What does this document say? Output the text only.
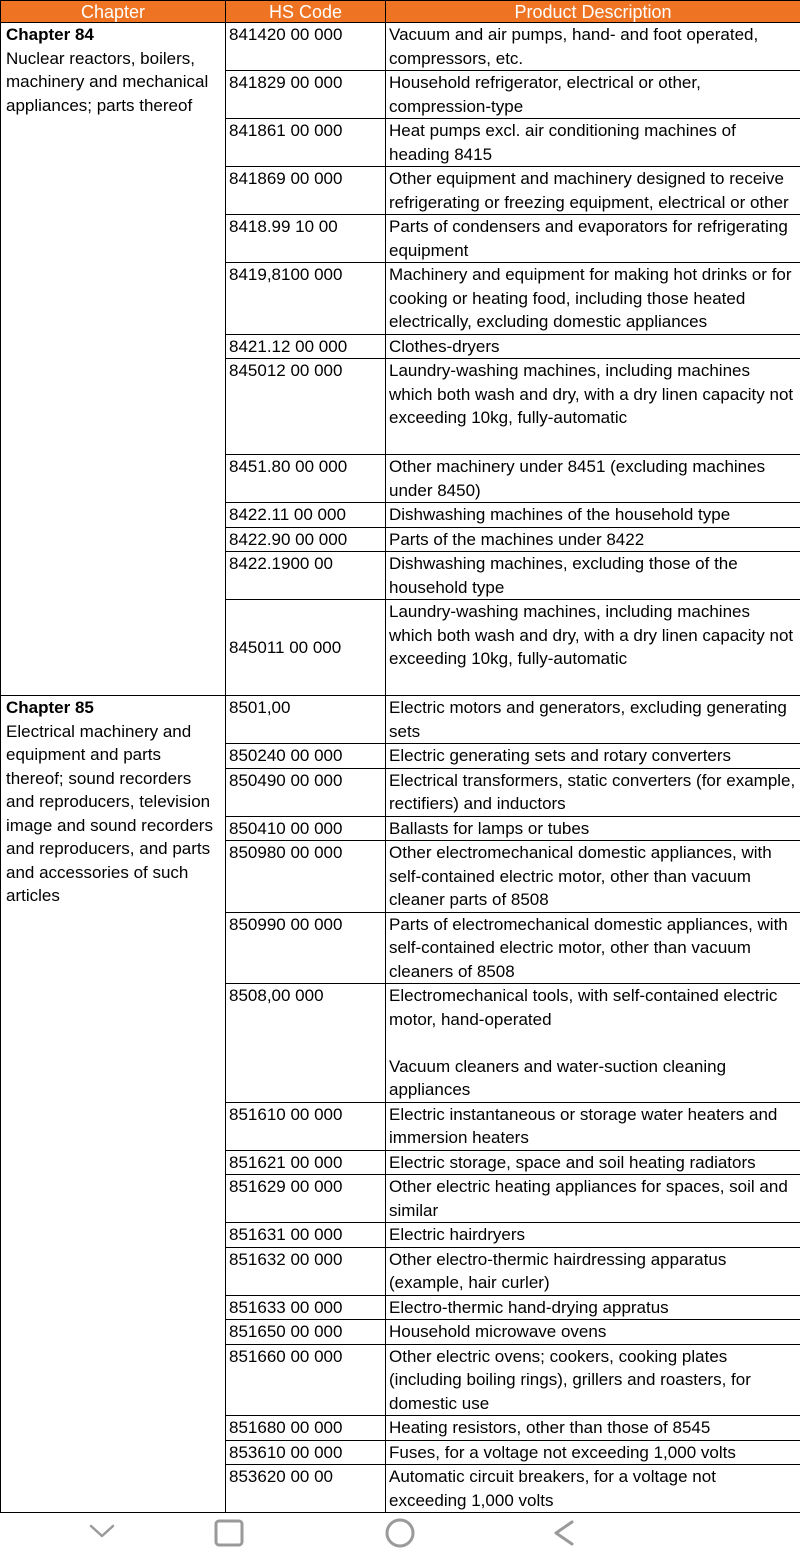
Chapter	HS Code	Product Description
Chapter 84
Nuclear reactors, boilers, machinery and mechanical appliances; parts thereof	841420 00 000	Vacuum and air pumps, hand- and foot operated, compressors, etc.
	841829 00 000	Household refrigerator, electrical or other, compression-type
	841861 00 000	Heat pumps excl. air conditioning machines of heading 8415
	841869 00 000	Other equipment and machinery designed to receive refrigerating or freezing equipment, electrical or other
	8418.99 10 00	Parts of condensers and evaporators for refrigerating equipment
	8419,8100 000	Machinery and equipment for making hot drinks or for cooking or heating food, including those heated electrically, excluding domestic appliances
	8421.12 00 000	Clothes-dryers
	845012 00 000	Laundry-washing machines, including machines which both wash and dry, with a dry linen capacity not exceeding 10kg, fully-automatic
	8451.80 00 000	Other machinery under 8451 (excluding machines under 8450)
	8422.11 00 000	Dishwashing machines of the household type
	8422.90 00 000	Parts of the machines under 8422
	8422.1900 00	Dishwashing machines, excluding those of the household type
	845011 00 000	Laundry-washing machines, including machines which both wash and dry, with a dry linen capacity not exceeding 10kg, fully-automatic
Chapter 85
Electrical machinery and equipment and parts thereof; sound recorders and reproducers, television image and sound recorders and reproducers, and parts and accessories of such articles	8501,00	Electric motors and generators, excluding generating sets
	850240 00 000	Electric generating sets and rotary converters
	850490 00 000	Electrical transformers, static converters (for example, rectifiers) and inductors
	850410 00 000	Ballasts for lamps or tubes
	850980 00 000	Other electromechanical domestic appliances, with self-contained electric motor, other than vacuum cleaner parts of 8508
	850990 00 000	Parts of electromechanical domestic appliances, with self-contained electric motor, other than vacuum cleaners of 8508
	8508,00 000	Electromechanical tools, with self-contained electric motor, hand-operated

Vacuum cleaners and water-suction cleaning appliances
	851610 00 000	Electric instantaneous or storage water heaters and immersion heaters
	851621 00 000	Electric storage, space and soil heating radiators
	851629 00 000	Other electric heating appliances for spaces, soil and similar
	851631 00 000	Electric hairdryers
	851632 00 000	Other electro-thermic hairdressing apparatus (example, hair curler)
	851633 00 000	Electro-thermic hand-drying appratus
	851650 00 000	Household microwave ovens
	851660 00 000	Other electric ovens; cookers, cooking plates (including boiling rings), grillers and roasters, for domestic use
	851680 00 000	Heating resistors, other than those of 8545
	853610 00 000	Fuses, for a voltage not exceeding 1,000 volts
	853620 00 00	Automatic circuit breakers, for a voltage not exceeding 1,000 volts
